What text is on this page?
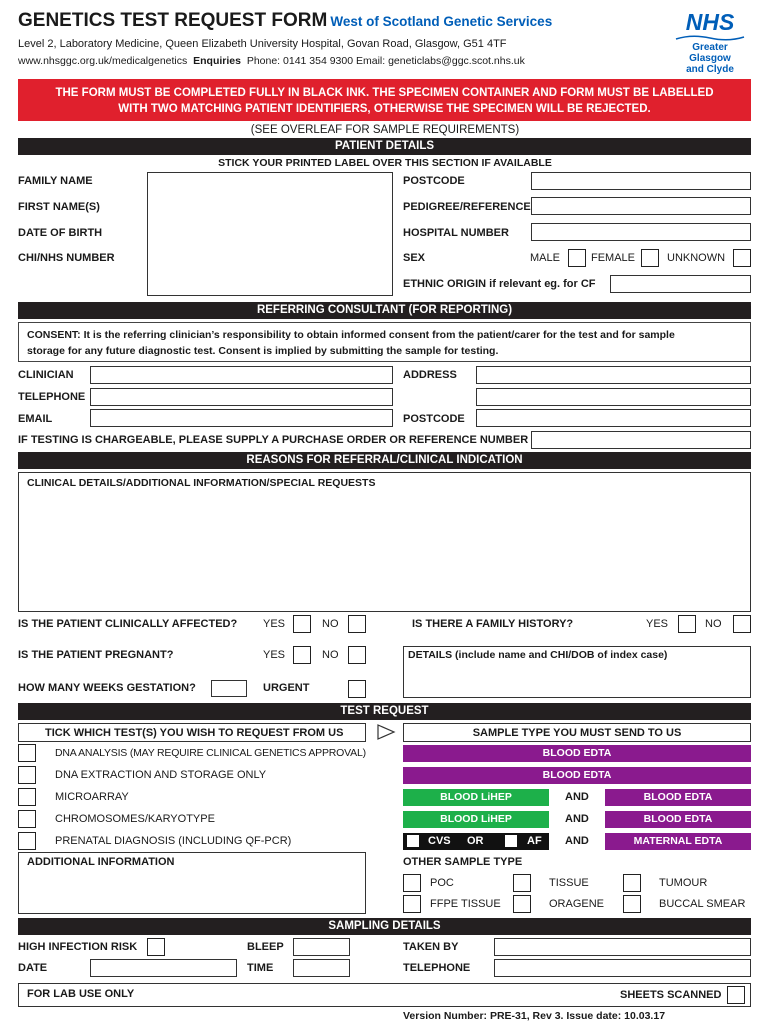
GENETICS TEST REQUEST FORM West of Scotland Genetic Services
Level 2, Laboratory Medicine, Queen Elizabeth University Hospital, Govan Road, Glasgow, G51 4TF
www.nhsggc.org.uk/medicalgenetics Enquiries Phone: 0141 354 9300 Email: geneticlabs@ggc.scot.nhs.uk
NHS
Greater Glasgow
and Clyde
THE FORM MUST BE COMPLETED FULLY IN BLACK INK. THE SPECIMEN CONTAINER AND FORM MUST BE LABELLED
WITH TWO MATCHING PATIENT IDENTIFIERS, OTHERWISE THE SPECIMEN WILL BE REJECTED.
(SEE OVERLEAF FOR SAMPLE REQUIREMENTS)
PATIENT DETAILS
STICK YOUR PRINTED LABEL OVER THIS SECTION IF AVAILABLE
FAMILY NAME
FIRST NAME(S)
DATE OF BIRTH
CHI/NHS NUMBER
POSTCODE
PEDIGREE/REFERENCE
HOSPITAL NUMBER
SEX	MALE	FEMALE	UNKNOWN
ETHNIC ORIGIN if relevant eg. for CF
REFERRING CONSULTANT (FOR REPORTING)
CONSENT: It is the referring clinician’s responsibility to obtain informed consent from the patient/carer for the test and for sample
storage for any future diagnostic test. Consent is implied by submitting the sample for testing.
CLINICIAN
TELEPHONE
EMAIL
ADDRESS
POSTCODE
IF TESTING IS CHARGEABLE, PLEASE SUPPLY A PURCHASE ORDER OR REFERENCE NUMBER
REASONS FOR REFERRAL/CLINICAL INDICATION
CLINICAL DETAILS/ADDITIONAL INFORMATION/SPECIAL REQUESTS
IS THE PATIENT CLINICALLY AFFECTED? YES	NO	IS THERE A FAMILY HISTORY?	YES	NO
IS THE PATIENT PREGNANT?	YES	NO	DETAILS (include name and CHI/DOB of index case)
HOW MANY WEEKS GESTATION?	URGENT
TEST REQUEST
TICK WHICH TEST(S) YOU WISH TO REQUEST FROM US	SAMPLE TYPE YOU MUST SEND TO US
DNA ANALYSIS (MAY REQUIRE CLINICAL GENETICS APPROVAL)	BLOOD EDTA
DNA EXTRACTION AND STORAGE ONLY	BLOOD EDTA
MICROARRAY	BLOOD LiHEP	AND	BLOOD EDTA
CHROMOSOMES/KARYOTYPE	BLOOD LiHEP	AND	BLOOD EDTA
PRENATAL DIAGNOSIS (INCLUDING QF-PCR)	CVS OR	AF AND	MATERNAL EDTA
ADDITIONAL INFORMATION	OTHER SAMPLE TYPE
POC	TISSUE	TUMOUR
FFPE TISSUE	ORAGENE	BUCCAL SMEAR
SAMPLING DETAILS
HIGH INFECTION RISK	BLEEP	TAKEN BY
DATE	TIME	TELEPHONE
FOR LAB USE ONLY	SHEETS SCANNED
Version Number: PRE-31, Rev 3. Issue date: 10.03.17
